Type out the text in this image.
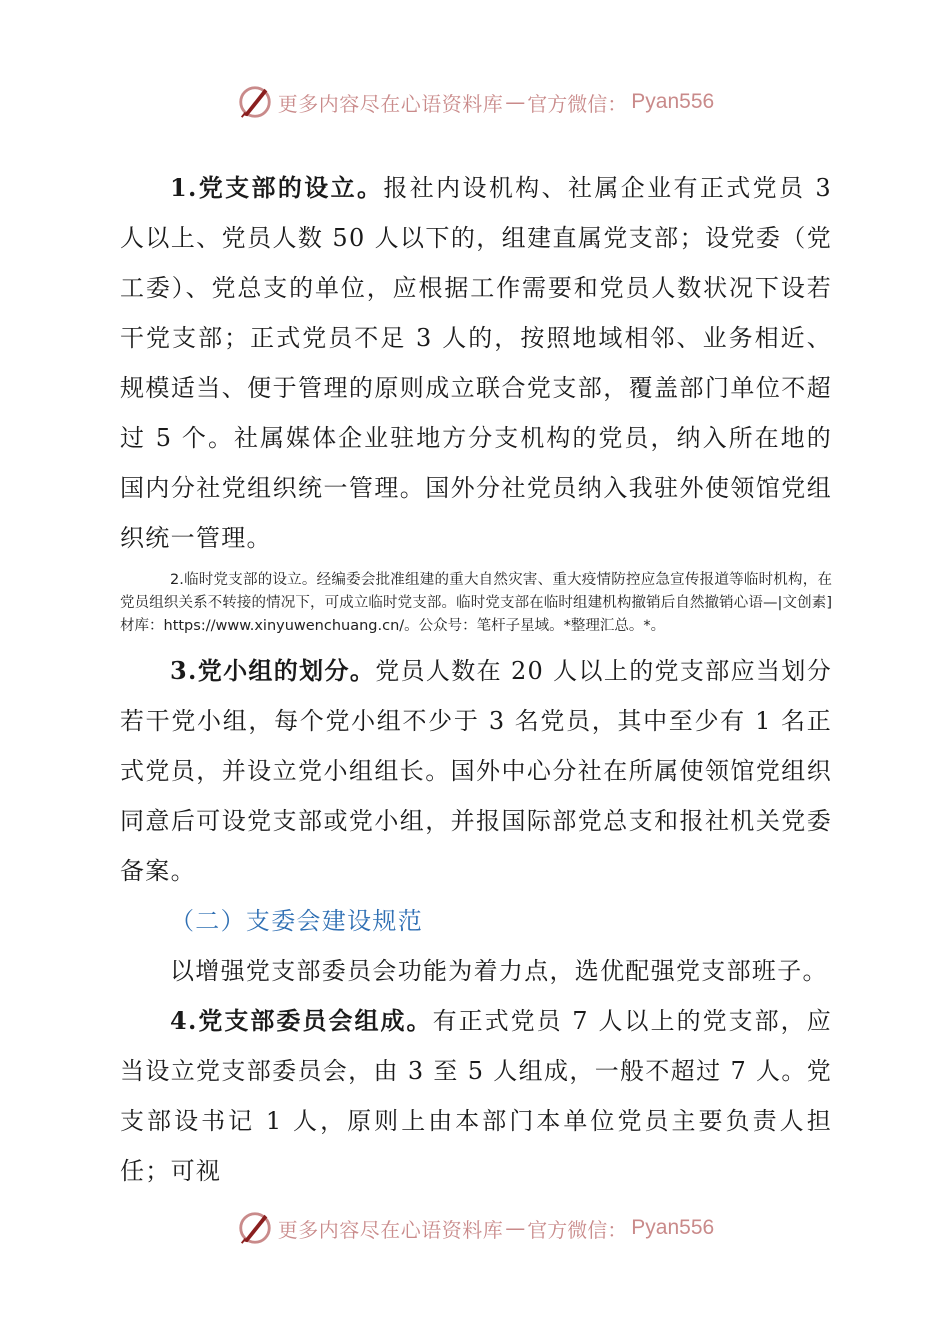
更多内容尽在心语资料库 — 官方微信： Pyan556

1.党支部的设立。报社内设机构、社属企业有正式党员 3 人以上、党员人数 50 人以下的，组建直属党支部；设党委（党工委）、党总支的单位，应根据工作需要和党员人数状况下设若干党支部；正式党员不足 3 人的，按照地域相邻、业务相近、规模适当、便于管理的原则成立联合党支部，覆盖部门单位不超过 5 个。社属媒体企业驻地方分支机构的党员，纳入所在地的国内分社党组织统一管理。国外分社党员纳入我驻外使领馆党组织统一管理。

2.临时党支部的设立。经编委会批准组建的重大自然灾害、重大疫情防控应急宣传报道等临时机构，在党员组织关系不转接的情况下，可成立临时党支部。临时党支部在临时组建机构撤销后自然撤销心语—|文创素]材库：https://www.xinyuwenchuang.cn/。公众号：笔杆子星域。*整理汇总。*。

3.党小组的划分。党员人数在 20 人以上的党支部应当划分若干党小组，每个党小组不少于 3 名党员，其中至少有 1 名正式党员，并设立党小组组长。国外中心分社在所属使领馆党组织同意后可设党支部或党小组，并报国际部党总支和报社机关党委备案。

（二）支委会建设规范

以增强党支部委员会功能为着力点，选优配强党支部班子。

4.党支部委员会组成。有正式党员 7 人以上的党支部，应当设立党支部委员会，由 3 至 5 人组成，一般不超过 7 人。党支部设书记 1 人，原则上由本部门本单位党员主要负责人担任；可视

更多内容尽在心语资料库 — 官方微信： Pyan556
